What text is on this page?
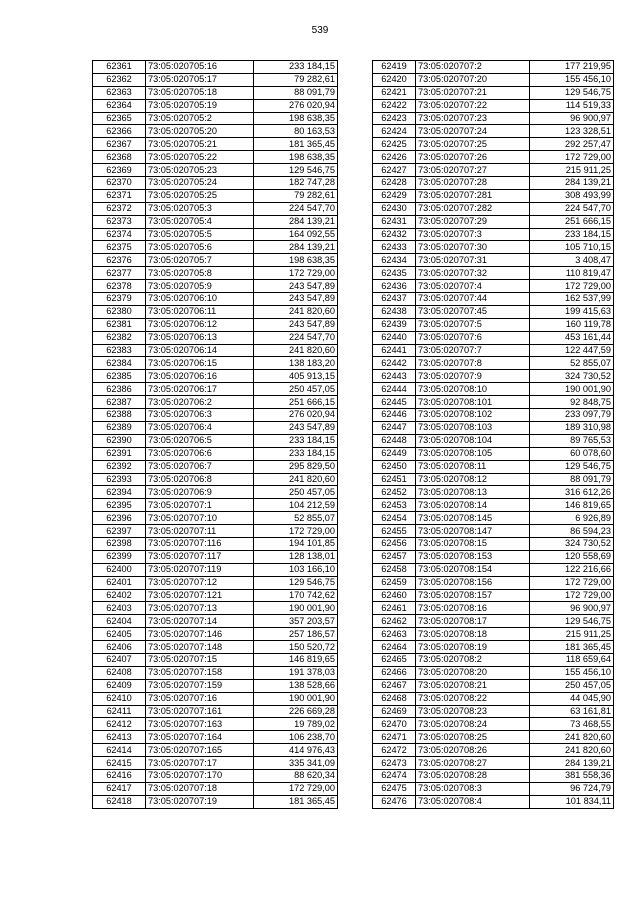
539
62361	73:05:020705:16	233 184,15
62362	73:05:020705:17	79 282,61
62363	73:05:020705:18	88 091,79
62364	73:05:020705:19	276 020,94
62365	73:05:020705:2	198 638,35
62366	73:05:020705:20	80 163,53
62367	73:05:020705:21	181 365,45
62368	73:05:020705:22	198 638,35
62369	73:05:020705:23	129 546,75
62370	73:05:020705:24	182 747,28
62371	73:05:020705:25	79 282,61
62372	73:05:020705:3	224 547,70
62373	73:05:020705:4	284 139,21
62374	73:05:020705:5	164 092,55
62375	73:05:020705:6	284 139,21
62376	73:05:020705:7	198 638,35
62377	73:05:020705:8	172 729,00
62378	73:05:020705:9	243 547,89
62379	73:05:020706:10	243 547,89
62380	73:05:020706:11	241 820,60
62381	73:05:020706:12	243 547,89
62382	73:05:020706:13	224 547,70
62383	73:05:020706:14	241 820,60
62384	73:05:020706:15	138 183,20
62385	73:05:020706:16	405 913,15
62386	73:05:020706:17	250 457,05
62387	73:05:020706:2	251 666,15
62388	73:05:020706:3	276 020,94
62389	73:05:020706:4	243 547,89
62390	73:05:020706:5	233 184,15
62391	73:05:020706:6	233 184,15
62392	73:05:020706:7	295 829,50
62393	73:05:020706:8	241 820,60
62394	73:05:020706:9	250 457,05
62395	73:05:020707:1	104 212,59
62396	73:05:020707:10	52 855,07
62397	73:05:020707:11	172 729,00
62398	73:05:020707:116	194 101,85
62399	73:05:020707:117	128 138,01
62400	73:05:020707:119	103 166,10
62401	73:05:020707:12	129 546,75
62402	73:05:020707:121	170 742,62
62403	73:05:020707:13	190 001,90
62404	73:05:020707:14	357 203,57
62405	73:05:020707:146	257 186,57
62406	73:05:020707:148	150 520,72
62407	73:05:020707:15	146 819,65
62408	73:05:020707:158	191 378,03
62409	73:05:020707:159	138 528,66
62410	73:05:020707:16	190 001,90
62411	73:05:020707:161	226 669,28
62412	73:05:020707:163	19 789,02
62413	73:05:020707:164	106 238,70
62414	73:05:020707:165	414 976,43
62415	73:05:020707:17	335 341,09
62416	73:05:020707:170	88 620,34
62417	73:05:020707:18	172 729,00
62418	73:05:020707:19	181 365,45
62419	73:05:020707:2	177 219,95
62420	73:05:020707:20	155 456,10
62421	73:05:020707:21	129 546,75
62422	73:05:020707:22	114 519,33
62423	73:05:020707:23	96 900,97
62424	73:05:020707:24	123 328,51
62425	73:05:020707:25	292 257,47
62426	73:05:020707:26	172 729,00
62427	73:05:020707:27	215 911,25
62428	73:05:020707:28	284 139,21
62429	73:05:020707:281	308 493,99
62430	73:05:020707:282	224 547,70
62431	73:05:020707:29	251 666,15
62432	73:05:020707:3	233 184,15
62433	73:05:020707:30	105 710,15
62434	73:05:020707:31	3 408,47
62435	73:05:020707:32	110 819,47
62436	73:05:020707:4	172 729,00
62437	73:05:020707:44	162 537,99
62438	73:05:020707:45	199 415,63
62439	73:05:020707:5	160 119,78
62440	73:05:020707:6	453 161,44
62441	73:05:020707:7	122 447,59
62442	73:05:020707:8	52 855,07
62443	73:05:020707:9	324 730,52
62444	73:05:020708:10	190 001,90
62445	73:05:020708:101	92 848,75
62446	73:05:020708:102	233 097,79
62447	73:05:020708:103	189 310,98
62448	73:05:020708:104	89 765,53
62449	73:05:020708:105	60 078,60
62450	73:05:020708:11	129 546,75
62451	73:05:020708:12	88 091,79
62452	73:05:020708:13	316 612,26
62453	73:05:020708:14	146 819,65
62454	73:05:020708:145	6 926,89
62455	73:05:020708:147	86 594,23
62456	73:05:020708:15	324 730,52
62457	73:05:020708:153	120 558,69
62458	73:05:020708:154	122 216,66
62459	73:05:020708:156	172 729,00
62460	73:05:020708:157	172 729,00
62461	73:05:020708:16	96 900,97
62462	73:05:020708:17	129 546,75
62463	73:05:020708:18	215 911,25
62464	73:05:020708:19	181 365,45
62465	73:05:020708:2	118 659,64
62466	73:05:020708:20	155 456,10
62467	73:05:020708:21	250 457,05
62468	73:05:020708:22	44 045,90
62469	73:05:020708:23	63 161,81
62470	73:05:020708:24	73 468,55
62471	73:05:020708:25	241 820,60
62472	73:05:020708:26	241 820,60
62473	73:05:020708:27	284 139,21
62474	73:05:020708:28	381 558,36
62475	73:05:020708:3	96 724,79
62476	73:05:020708:4	101 834,11
